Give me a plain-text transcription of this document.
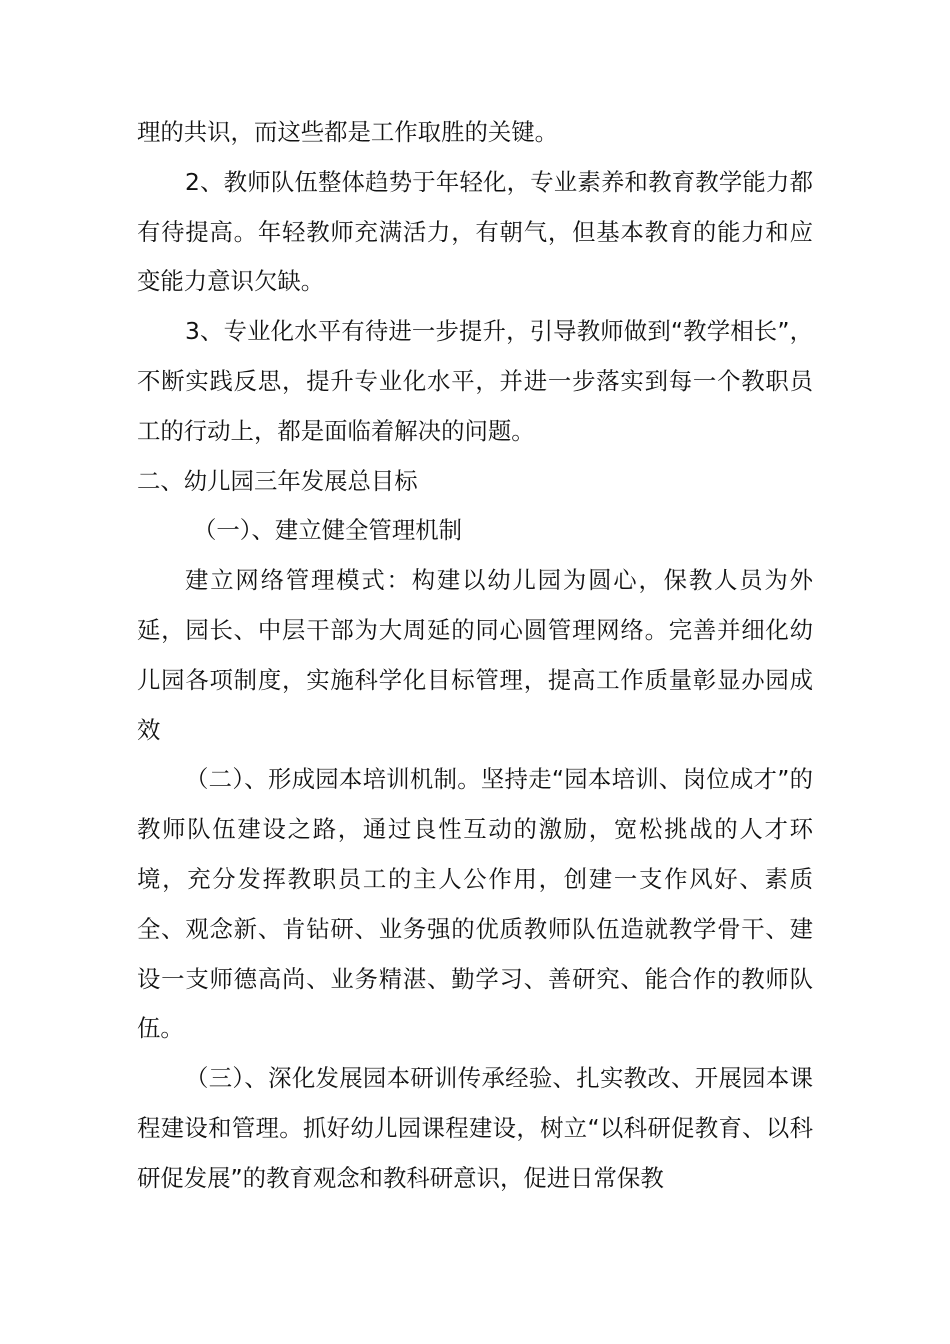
理的共识，而这些都是工作取胜的关键。

2、教师队伍整体趋势于年轻化，专业素养和教育教学能力都有待提高。年轻教师充满活力，有朝气，但基本教育的能力和应变能力意识欠缺。

3、专业化水平有待进一步提升，引导教师做到“教学相长”，不断实践反思，提升专业化水平，并进一步落实到每一个教职员工的行动上，都是面临着解决的问题。

二、幼儿园三年发展总目标

（一）、建立健全管理机制

建立网络管理模式：构建以幼儿园为圆心，保教人员为外延，园长、中层干部为大周延的同心圆管理网络。完善并细化幼儿园各项制度，实施科学化目标管理，提高工作质量彰显办园成效

（二）、形成园本培训机制。坚持走“园本培训、岗位成才”的教师队伍建设之路，通过良性互动的激励，宽松挑战的人才环境，充分发挥教职员工的主人公作用，创建一支作风好、素质全、观念新、肯钻研、业务强的优质教师队伍造就教学骨干、建设一支师德高尚、业务精湛、勤学习、善研究、能合作的教师队伍。

（三）、深化发展园本研训传承经验、扎实教改、开展园本课程建设和管理。抓好幼儿园课程建设，树立“以科研促教育、以科研促发展”的教育观念和教科研意识，促进日常保教
